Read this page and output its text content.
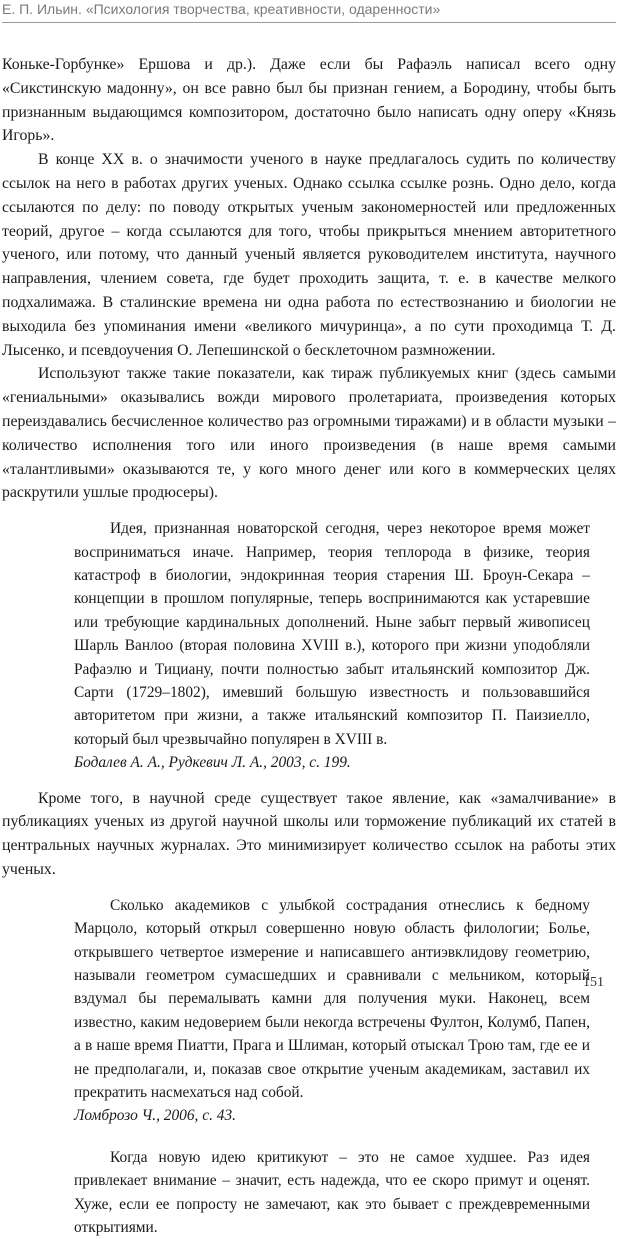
Е. П. Ильин. «Психология творчества, креативности, одаренности»

Коньке-Горбунке» Ершова и др.). Даже если бы Рафаэль написал всего одну «Сикстинскую мадонну», он все равно был бы признан гением, а Бородину, чтобы быть признанным выдающимся композитором, достаточно было написать одну оперу «Князь Игорь».

В конце XX в. о значимости ученого в науке предлагалось судить по количеству ссылок на него в работах других ученых. Однако ссылка ссылке рознь. Одно дело, когда ссылаются по делу: по поводу открытых ученым закономерностей или предложенных теорий, другое – когда ссылаются для того, чтобы прикрыться мнением авторитетного ученого, или потому, что данный ученый является руководителем института, научного направления, члением совета, где будет проходить защита, т. е. в качестве мелкого подхалимажа. В сталинские времена ни одна работа по естествознанию и биологии не выходила без упоминания имени «великого мичуринца», а по сути проходимца Т. Д. Лысенко, и псевдоучения О. Лепешинской о бесклеточном размножении.

Используют также такие показатели, как тираж публикуемых книг (здесь самыми «гениальными» оказывались вожди мирового пролетариата, произведения которых переиздавались бесчисленное количество раз огромными тиражами) и в области музыки – количество исполнения того или иного произведения (в наше время самыми «талантливыми» оказываются те, у кого много денег или кого в коммерческих целях раскрутили ушлые продюсеры).

Идея, признанная новаторской сегодня, через некоторое время может восприниматься иначе. Например, теория теплорода в физике, теория катастроф в биологии, эндокринная теория старения Ш. Броун-Секара – концепции в прошлом популярные, теперь воспринимаются как устаревшие или требующие кардинальных дополнений. Ныне забыт первый живописец Шарль Ванлоо (вторая половина XVIII в.), которого при жизни уподобляли Рафаэлю и Тициану, почти полностью забыт итальянский композитор Дж. Сарти (1729–1802), имевший большую известность и пользовавшийся авторитетом при жизни, а также итальянский композитор П. Паизиелло, который был чрезвычайно популярен в XVIII в.

Бодалев А. А., Рудкевич Л. А., 2003, с. 199.

Кроме того, в научной среде существует такое явление, как «замалчивание» в публикациях ученых из другой научной школы или торможение публикаций их статей в центральных научных журналах. Это минимизирует количество ссылок на работы этих ученых.

Сколько академиков с улыбкой сострадания отнеслись к бедному Марцоло, который открыл совершенно новую область филологии; Болье, открывшего четвертое измерение и написавшего антиэвклидову геометрию, называли геометром сумасшедших и сравнивали с мельником, который вздумал бы перемалывать камни для получения муки. Наконец, всем известно, каким недоверием были некогда встречены Фултон, Колумб, Папен, а в наше время Пиатти, Прага и Шлиман, который отыскал Трою там, где ее и не предполагали, и, показав свое открытие ученым академикам, заставил их прекратить насмехаться над собой.

Ломброзо Ч., 2006, с. 43.

Когда новую идею критикуют – это не самое худшее. Раз идея привлекает внимание – значит, есть надежда, что ее скоро примут и оценят. Хуже, если ее попросту не замечают, как это бывает с преждевременными открытиями.

151
